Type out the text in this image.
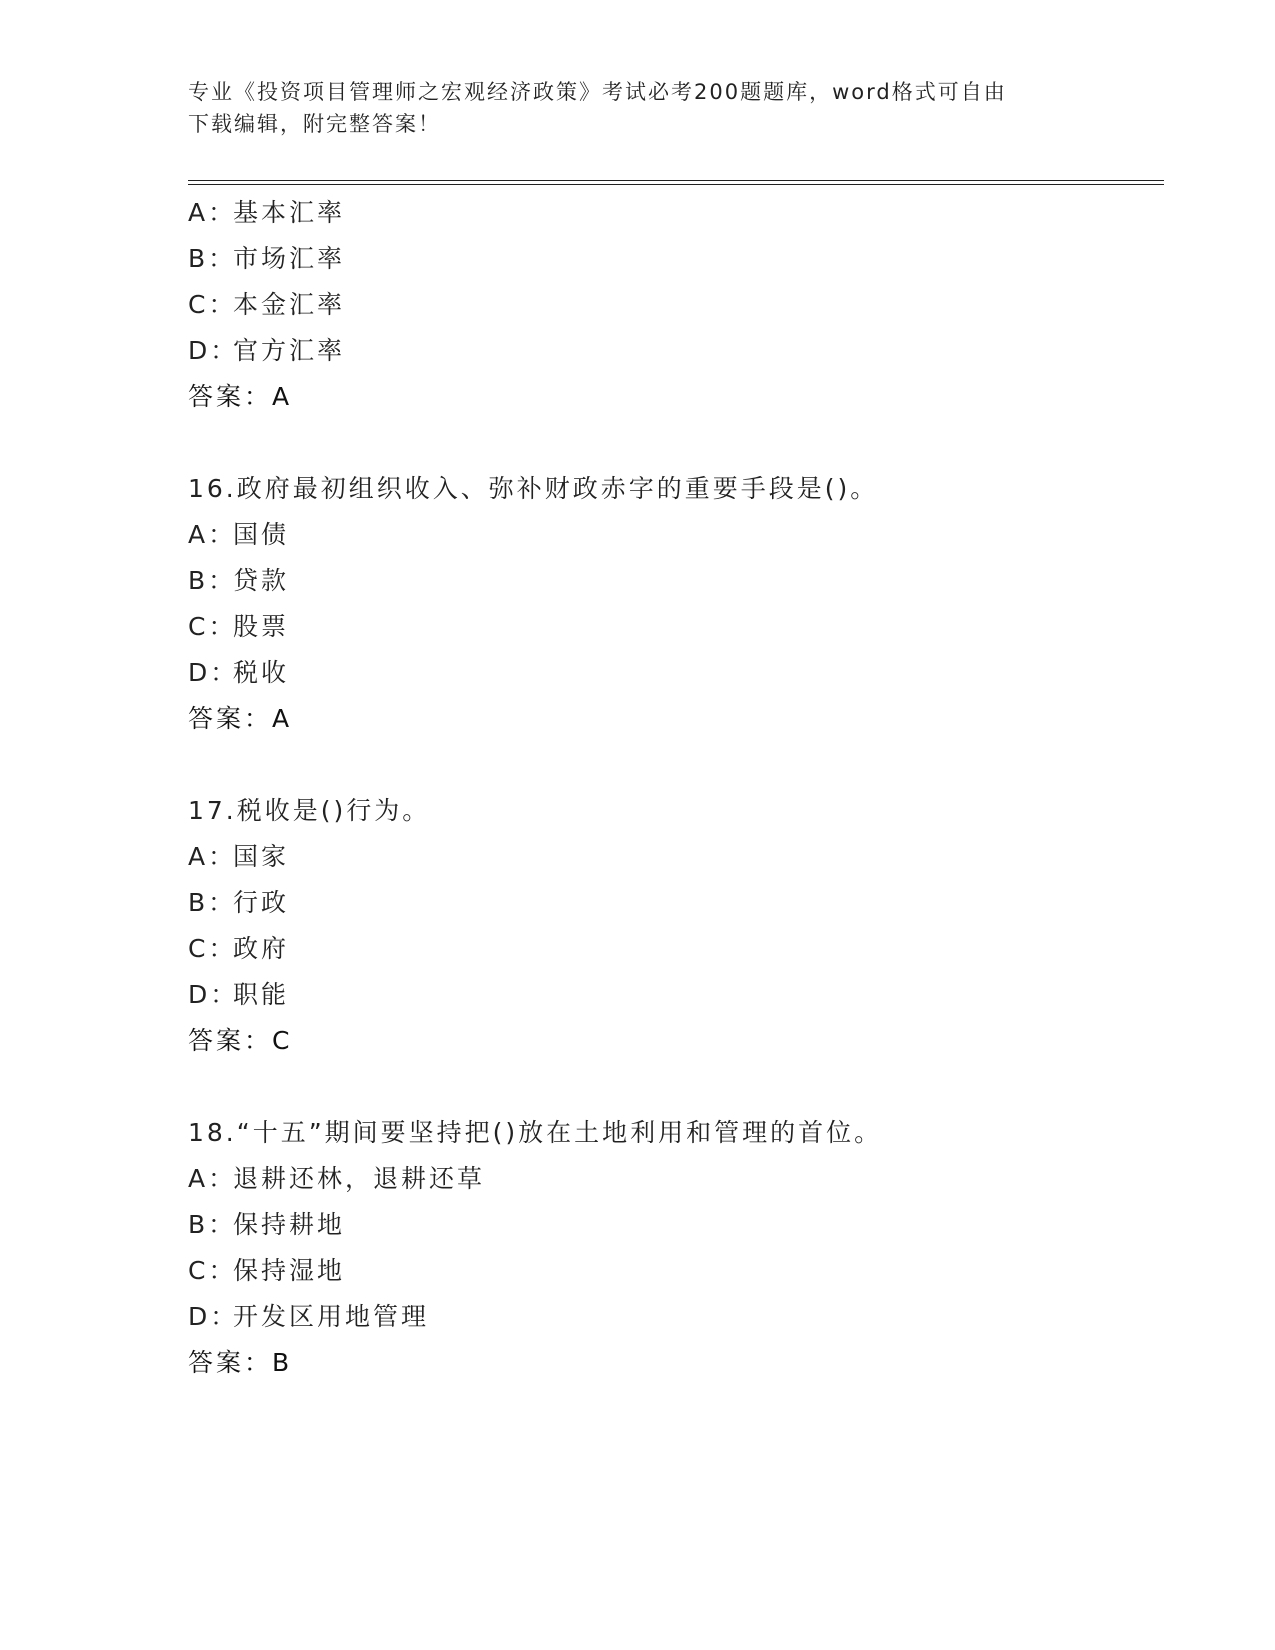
专业《投资项目管理师之宏观经济政策》考试必考200题题库，word格式可自由
下载编辑，附完整答案！
A：基本汇率
B：市场汇率
C：本金汇率
D：官方汇率
答案：A
16.政府最初组织收入、弥补财政赤字的重要手段是()。
A：国债
B：贷款
C：股票
D：税收
答案：A
17.税收是()行为。
A：国家
B：行政
C：政府
D：职能
答案：C
18.“十五”期间要坚持把()放在土地利用和管理的首位。
A：退耕还林，退耕还草
B：保持耕地
C：保持湿地
D：开发区用地管理
答案：B
